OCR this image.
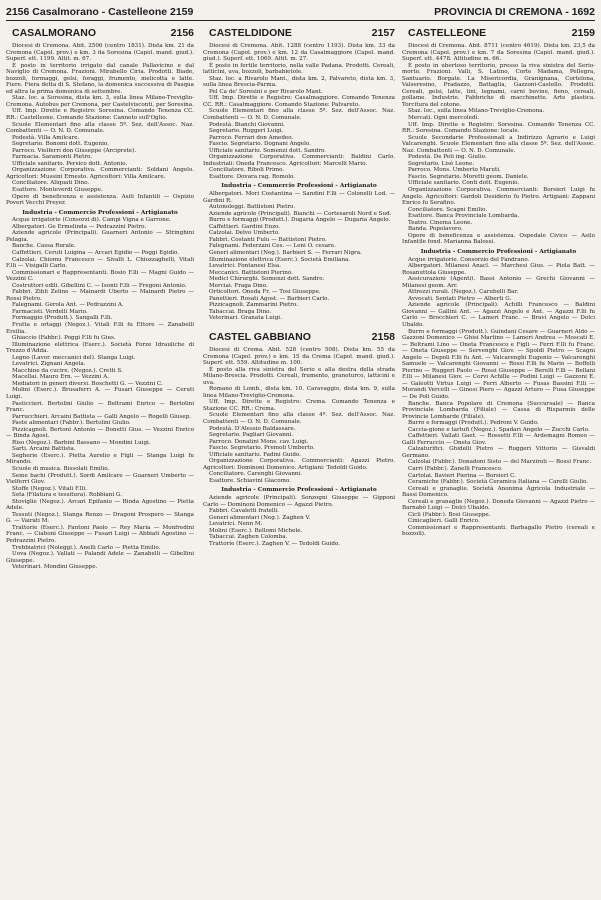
2156 Casalmorano - Castelleone 2159	PROVINCIA DI CREMONA - 1692
CASALMORANO	2156

Diocesi di Cremona. Abit. 2506 (centro 1831). Dista km. 21 da Cremona (Capol. prov.) e km. 3 da Soresina (Capol. mand. giud.). Superf. ett. 1199. Altit. m. 67.

È posto in territorio irrigato dal canale Pallavicino e dal Naviglio di Cremona. Frazioni. Mirabello Ciria. Prodotti. Biade, bozzoli, formaggi, gelsi, foraggi, frumento, melicotta e latte. Fiere. Fiera detta di S. Stefano, la domenica successiva di Pasqua ed altra la prima domenica di settembre.

Staz. loc. a Soresina, dista km. 3, sulla linea Milano-Treviglio-Cremona. Autobus per Cremona, per Castelvisconti, per Soresina.

Uff. Imp. Dirette e Registro: Soresina. Comando Tenenza CC. RR.: Castelleone. Comando Stazione: Canneto sull'Oglio.

Scuole Elementari fino alla classe 5ª. Sez. dell'Assoc. Naz. Combattenti — O. N. D. Comunale.

Podestà. Villa Amilcare.

Segretario. Bonomi dott. Eugenio.

Parroco. Vielferri don Giuseppe (Arciprete).

Farmacia. Saramonti Pietro.

Ufficiale sanitario. Persico dott. Antonio.

Organizzazione Corporativa. Commercianti: Soldani Angelo. Agricoltori: Mussini Ernesto. Agricoltori: Villa Amilcare.

Conciliatore. Aliquati Dino.

Esattore. Monteverdi Giuseppe.

Opere di beneficenza e assistenza. Asili Infantili — Ospizio Poveri Vecchi Preyer.

Industria - Commercio Professioni - Artigianato

Acque irrigatorie (Consorzi di). Campi Vigna e Garrone.

Albergatori. Ge Ermelinda — Pedrazzini Pietro.

Aziende agricole (Principali). Guarneri Antonio — Stringhini Pelagia.

Banche. Cassa Rurale.

Caffettieri. Ceruti Luigina — Arcari Egidio — Poggi Egidio.

Calzolai. Chiomu Francesco — Sivalli L. Chiozzaghelli, Vitali F.lli — Visigalli Carlo.

Commissionari e Rappresentanti. Bosio F.lli — Magni Guido — Vezzini C.

Costruttori edili. Gibellini C. — Isonti F.lli — Fregoni Antonio.

Fabbri. Zibli Zelino — Mainardi Uberto — Mainardi Pietro — Rossi Pietro.

Falegnami. Gerola Ant. — Pedrazzini A.

Farmacisti. Verdelli Mario.

Formaggio (Produtt.). Sangalli F.lli.

Frutta e ortaggi (Negoz.). Vitali F.lli fu Ettore — Zanabelli Ersilia.

Ghiaccio (Fabbr.). Poggi F.lli fu Gius.

Illuminazione elettrica (Eserc.). Società Forze Idrauliche di Trezzo d'Adda.

Legno (Lavor. meccanici del). Stanga Luigi.

Levatrici. Zignani Angela.

Macchine da cucire. (Negoz.). Cretti S.

Macellai. Mauro Ern. — Vezzini A.

Mediatori in generi diversi. Boschetti G. — Vezzini C.

Molini (Eserc.). Brusaferri A. — Fusari Giuseppe — Ceruti Luigi.

Pasticcieri. Bertolini Giulio — Beltrami Enrico — Bertolini Franc.

Parrucchieri. Arcaini Battista — Galli Angelo — Rogelli Giusep.

Paste alimentari (Fabbr.). Bertolini Giulio.

Pizzicagnoli. Bertoni Antonio — Bonetti Gius. — Vezzini Enrico — Binda Agost.

Riso (Negoz.). Barbini Bassano — Mondini Luigi.

Sarti. Arcaini Battista.

Segherie (Eserc.). Pietta Aurelio e Figli — Stanga Luigi fu Mirando.

Scuole di musica. Bissolati Emilio.

Seme bachi (Produtt.). Sordi Amilcare — Guarneri Umberto — Vielferri Giov.

Stoffe (Negoz.). Vitali F.lli.

Seta (Filatura e tessitura). Robbiani G.

Stoviglie (Negoz.). Arcari Epifanio — Binda Agostino — Pietta Adele.

Tessuti (Negoz.). Stanga Renzo — Dragoni Prospero — Stanga G. — Vairati M.

Trattorie (Eserc.). Fantoni Paolo — Rey Maria — Monfredini Franc. — Ciaboni Giuseppe — Fusari Luigi — Abbiati Agostino — Pedrazzini Pietro.

Trebbiatrici (Noleggi.). Anelli Carlo — Pietta Emilio.

Uova (Negoz.). Vallati — Palandi Adele — Zanabelli — Gibellini Giuseppe.

Veterinari. Mondini Giuseppe.

CASTELDIDONE	2157

Diocesi di Cremona. Abit. 1288 (centro 1193). Dista km. 33 da Cremona (Capol. prov.) e km. 12 da Casalmaggiore (Capol. mand. giud.). Superf. ett. 1069. Altit. m. 27.

È posto in fertile territorio, nella valle Padana. Prodotti. Cereali, latticini, uva, bozzoli, barbabietole.

Staz. loc. a Rivarolo Mant., dista km. 2, Palvareto, dista km. 3, sulla linea Brescia-Parma.

Pel Ca de' Soresini e per Rivarolo Mant.

Uff. Imp. Dirette e Registro: Casalmaggiore. Comando Tenenza CC. RR.: Casalmaggiore. Comando Stazione: Palvareto.

Scuole Elementari fino alla classe 5ª. Sez. dell'Assoc. Naz. Combattenti — O. N. D. Comunale.

Podestà. Bianchi Giovanni.

Segretario. Ruggeri Luigi.

Parroco. Ferrari don Amedeo.

Fascio. Segretario. Dognani Angelo.

Ufficiale sanitario. Somenzi dott. Sandro.

Organizzazione Corporativa. Commercianti: Baldini Carlo. Industriali: Oneda Francesco. Agricoltori: Marcelli Mario.

Conciliatore. Riboli Primo.

Esattore. Dovara rag. Romolo.

Industria - Commercio Professioni - Artigianato

Albergatori. Mori Costantina — Sandini F.lli — Colonelli Lod. — Gardini R.

Autonoleggi. Battistoni Pietro.

Aziende agricole (Principali). Bianchi — Cortesaroli Nord e Sud.

Burro e formaggi (Produtt.). Dugaria Angelo — Dugaria Angelo.

Caffettieri. Gardini Enzo.

Calzolai. Delvo Umberto.

Fabbri. Costanti Fulu — Battistoni Pietro.

Falegnami. Federzani Ces. — Leni O. cesare.

Generi alimentari (Neg.). Barbieri S. — Ferrari Nigra.

Illuminazione elettrica (Eserc.). Società Emiliana.

Levatrici. Fontanesi Elsa.

Meccanici. Battistoni Pierino.

Medici Chirurghi. Somenzi dott. Sandro.

Merciai. Fraga Dino.

Orticoltori. Oneda Fr. — Tosi Giuseppe.

Panettieri. Rosati Agost. — Barbieri Carlo.

Pizzicagnoli. Zammarini Pietro.

Tabaccai. Braga Dino.

Veterinari. Granata Luigi.

CASTEL GABBIANO	2158

Diocesi di Crema. Abit. 528 (centro 508). Dista km. 55 da Cremona (Capol. prov.) e km. 15 da Crema (Capol. mand. giud.). Superf. ett. 559. Altitudine m. 100.

È posto alla riva sinistra del Serio e alla destra della strada Milano-Brescia. Prodotti. Cereali, frumento, granoturco, latticini e uva.

Romano di Lomb., dista km. 10. Caravaggio, dista km. 9, sulla linea Milano-Treviglio-Cremona.

Uff. Imp. Dirette e Registro: Crema. Comando Tenenza e Stazione CC. RR.: Crema.

Scuole Elementari fino alla classe 4ª. Sez. dell'Assoc. Naz. Combattenti — O. N. D. Comunale.

Podestà. D'Alessio Baldassare.

Segretario. Pagliari Giovanni.

Parroco. Donatini Mons. cav. Luigi.

Fascio. Segretario. Premoli Umberto.

Ufficiale sanitario. Fadini Guido.

Organizzazione Corporativa. Commercianti: Agazzi Pietro. Agricoltori: Dominoni Domenico. Artigiani: Tedoldi Guido.

Conciliatore. Carenghi Giovanni.

Esattore. Schiavini Giacomo.

Industria - Commercio Professioni - Artigianato

Aziende agricole (Principali). Sonzogni Giuseppe — Gipponi Carlo — Dominoni Domenico — Agazzi Pietro.

Fabbri. Cavaletti fratelli.

Generi alimentari (Neg.). Zaghen V.

Levatrici. Nenn M.

Molini (Eserc.). Bellomi Michele.

Tabaccai. Zaghen Colomba.

Trattorie (Eserc.). Zaghen V. — Tedoldi Guido.

CASTELLEONE	2159

Diocesi di Cremona. Abit. 8711 (centro 4619). Dista km. 23,5 da Cremona (Capol. prov.) e km. 7 da Soresina (Capol. mand. giud.). Superf. ett. 4478. Altitudine m. 66.

È posto in ubertoso territorio, presso la riva sinistra del Serio-morto. Frazioni. Valli, S. Latino, Corte Madama, Pellegra, Santuario. Borgate. La Misericordia, Granignana, Cortelona, Valseresino, Pradazzo, Battaglia, Gazzoni-Castello. Prodotti. Cereali, gelsi, latte, lini, legnami, carni bovine, fieno, cereali, pollame. Industrie. Fabbriche di macchinette. Arte plastica. Torcitura del cotone.

Staz. loc., sulla linea Milano-Treviglio-Cremona.

Mercati. Ogni mercoledì.

Uff. Imp. Dirette e Registro: Soresina. Comando Tenenza CC. RR.: Soresina. Comando Stazione: locale.

Scuole Secondarie Professionali a Indirizzo Agrario e Luigi Valcarenghi. Scuole Elementari fino alla classe 5ª. Sez. dell'Assoc. Naz. Combattenti — O. N. D. Comunale.

Podestà. De Poli ing. Giulio.

Segretario. Lisè Leone.

Parroco. Mons. Umberto Maruti.

Fascio. Segretario. Moretti geom. Daniele.

Ufficiale sanitario. Conti dott. Eugenio.

Organizzazione Corporativa. Commercianti: Borsieri Luigi fu Angelo. Agricoltori: Gardoli Desiderio fu Pietro. Artigiani: Zappani Enrico fu Serafino.

Conciliatore. Scagni Emilio.

Esattore. Banca Provinciale Lombarda.

Teatro. Cinema Leone.

Banda. Popolavoro.

Opere di beneficenza e assistenza. Ospedale Civico — Asilo Infantile fond. Marianna Balossi.

Industria - Commercio Professioni - Artigianato

Acque irrigatorie. Consorzio del Fandrano.

Albergatori. Milanesi Anacl. — Marchesi Gius. — Piola Batt. — Rosanuttola Giuseppe.

Assicurazioni (Agenti). Bassi Antonio — Grechi Giovanni — Milanesi geom. Arr.

Attrezzi rurali. (Negoz.). Carubelli Bar.

Avvocati. Sentati Pietro — Alberti G.

Aziende agricole (Principali). Achilli Francesco — Baldini Giovanni — Gallini Ant. — Agazzi Angelo e Ant. — Agazzi F.lli fu Carlo — Brocchieri C. — Lameri Franc. — Bravi Angelo — Dolci Ubaldo.

Burro e formaggi (Produtt.). Guindani Cesare — Guarneri Aldo — Gazzoni Domenico — Ghisi Martino — Lameri Andrea — Moscati E. — Beltrami Lino — Oneta Francesco e Figli — Ferri F.lli fu Franc. — Oneta Giuseppe — Servenghi Giov. — Spoldi Pietro — Scagni Angelo — Depoli F.lli fu Ant. — Valcarenghi Eugenio — Valcarenghi Samuele — Valcarenghi Giovanni — Rossi F.lli fu Mario — Boffelli Pierino — Ruggeri Paolo — Rossi Giuseppe — Berelli F.lli — Bellani F.lli — Milanesi Giov. — Cervi Achille — Podini Luigi — Gazzoni E. — Galeotti Virtus Luigi — Ferri Alberto — Fusas Bassini F.lli — Morandi Vercelli — Ginesi Piero — Agazzi Arturo — Fusa Giuseppe — De Poli Guido.

Banche. Banca Popolare di Cremona (Succursale) — Banca Provinciale Lombarda (Filiale) — Cassa di Risparmio delle Provincie Lombarde (Filiale).

Burro e formaggi (Produtt.). Pedroni V. Guido.

Caccia-gione e tartufi (Negoz.). Spadari Angelo — Zucchi Carlo.

Caffettieri. Vallati Gaet. — Rossetti F.lli — Ardemagni Romeo — Galli Ferruccio — Oneta Giov.

Calzaturifici. Ghidelli Pietro — Ruggeri Vittorio — Gisvaldi Germano.

Calzolai (Fabbr.). Donadoni Sisto — del Marziroli — Bossi Franc.

Carri (Fabbr.). Zanelli Francesco.

Cartolai. Bavieri Pierina — Borsieri C.

Ceramiche (Fabbr.). Società Ceramica Italiana — Carelli Giulio.

Cereali e granaglie. Società Anonima Agricola Industriale — Bassi Domenico.

Cereali e granaglie (Negoz.). Doneda Giovanni — Agazzi Pietro — Barnabò Luigi — Dolci Ubaldo.

Cicli (Fabbr.). Bosi Giuseppe.

Cinicaglieri. Galli Enrico.

Commissionari e Rappresentanti. Barbagallo Pietro (cereali e bozzoli).
